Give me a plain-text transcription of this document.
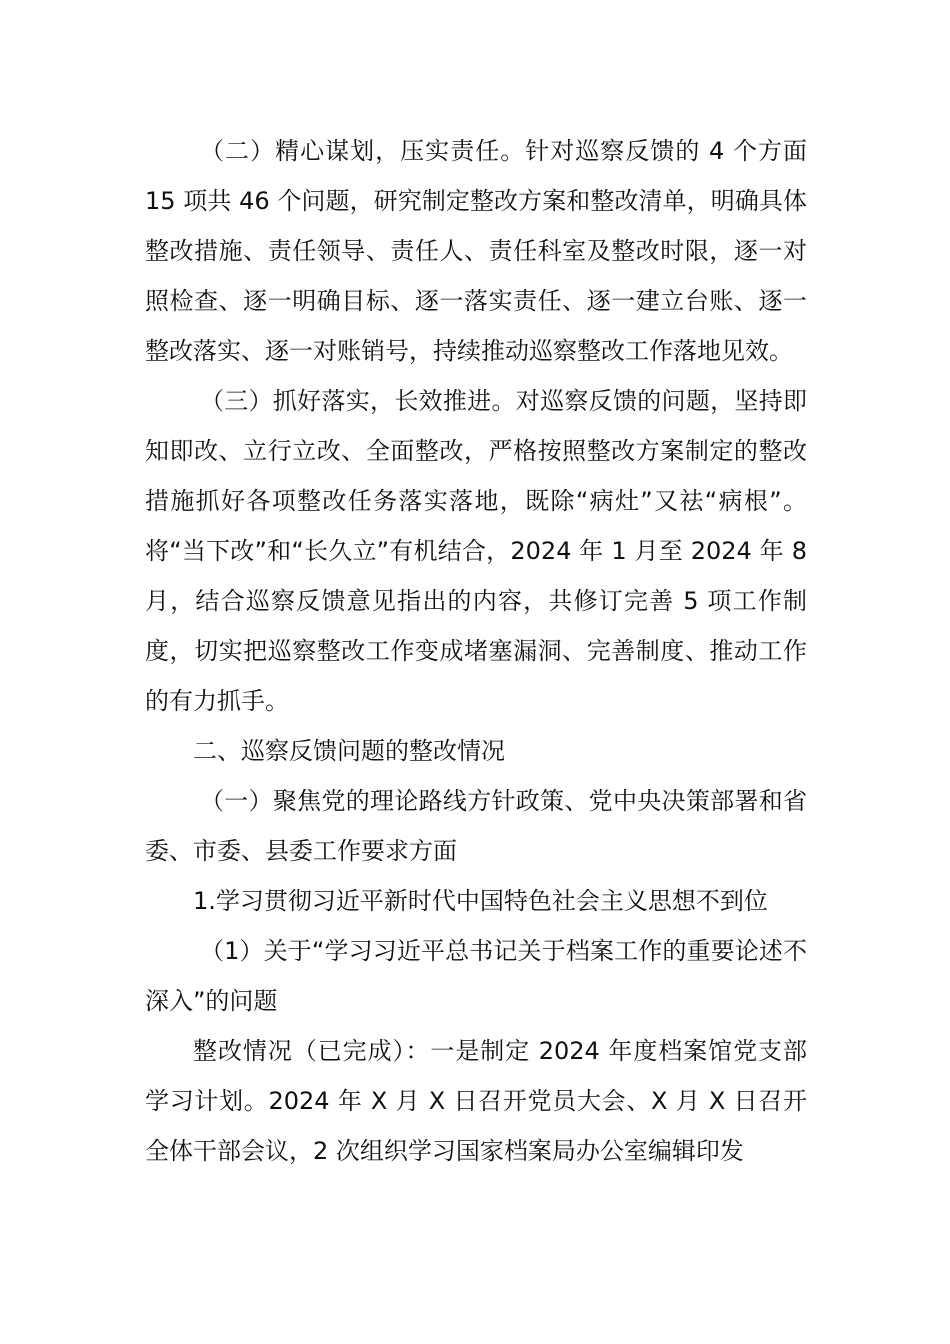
（二）精心谋划，压实责任。针对巡察反馈的 4 个方面 15 项共 46 个问题，研究制定整改方案和整改清单，明确具体整改措施、责任领导、责任人、责任科室及整改时限，逐一对照检查、逐一明确目标、逐一落实责任、逐一建立台账、逐一整改落实、逐一对账销号，持续推动巡察整改工作落地见效。

（三）抓好落实，长效推进。对巡察反馈的问题，坚持即知即改、立行立改、全面整改，严格按照整改方案制定的整改措施抓好各项整改任务落实落地，既除“病灶”又祛“病根”。将“当下改”和“长久立”有机结合，2024 年 1 月至 2024 年 8 月，结合巡察反馈意见指出的内容，共修订完善 5 项工作制度，切实把巡察整改工作变成堵塞漏洞、完善制度、推动工作的有力抓手。

二、巡察反馈问题的整改情况

（一）聚焦党的理论路线方针政策、党中央决策部署和省委、市委、县委工作要求方面

1.学习贯彻习近平新时代中国特色社会主义思想不到位

（1）关于“学习习近平总书记关于档案工作的重要论述不深入”的问题

整改情况（已完成）：一是制定 2024 年度档案馆党支部学习计划。2024 年 X 月 X 日召开党员大会、X 月 X 日召开全体干部会议，2 次组织学习国家档案局办公室编辑印发
